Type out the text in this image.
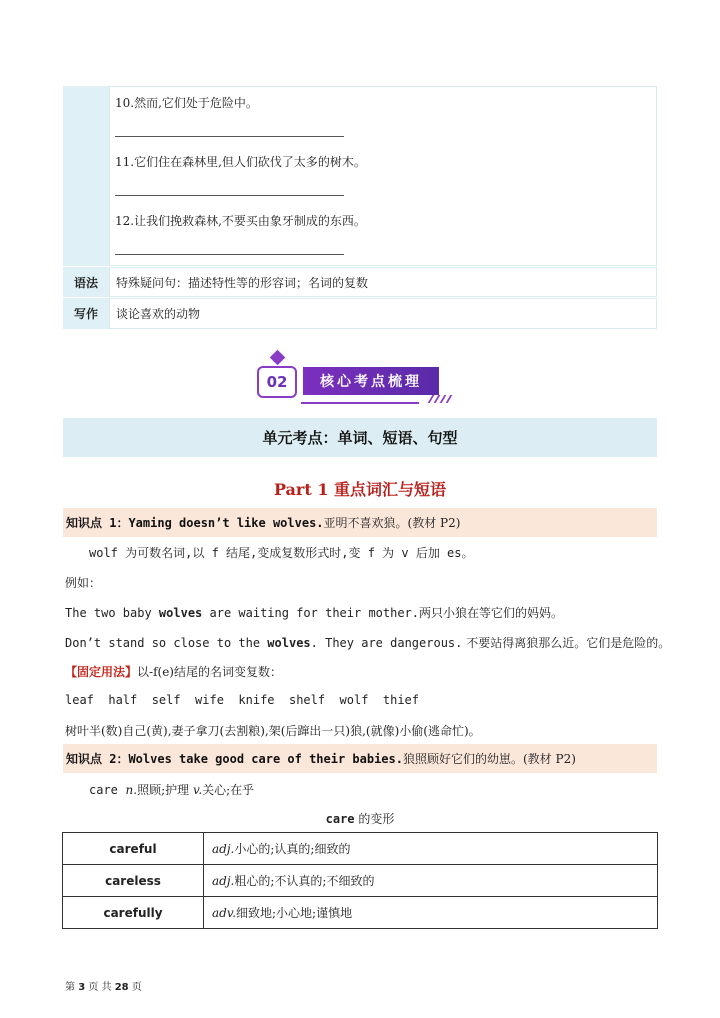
10.然而,它们处于危险中。
11.它们住在森林里,但人们砍伐了太多的树木。
12.让我们挽救森林,不要买由象牙制成的东西。
语法	特殊疑问句：描述特性等的形容词；名词的复数
写作	谈论喜欢的动物
02	核心考点梳理
单元考点：单词、短语、句型
Part 1 重点词汇与短语
知识点 1：Yaming doesn’t like wolves. 亚明不喜欢狼。(教材 P2)
wolf 为可数名词,以 f 结尾,变成复数形式时,变 f 为 v 后加 es。
例如：
The two baby wolves are waiting for their mother.两只小狼在等它们的妈妈。
Don’t stand so close to the wolves. They are dangerous. 不要站得离狼那么近。它们是危险的。
【固定用法】以-f(e)结尾的名词变复数：
leaf  half  self  wife  knife  shelf  wolf  thief
树叶半(数)自己(黄),妻子拿刀(去割粮),架(后蹿出一只)狼,(就像)小偷(逃命忙)。
知识点 2：Wolves take good care of their babies. 狼照顾好它们的幼崽。(教材 P2)
care n.照顾;护理 v.关心;在乎
care 的变形
careful	adj.小心的;认真的;细致的
careless	adj.粗心的;不认真的;不细致的
carefully	adv.细致地;小心地;谨慎地
第 3 页 共 28 页
